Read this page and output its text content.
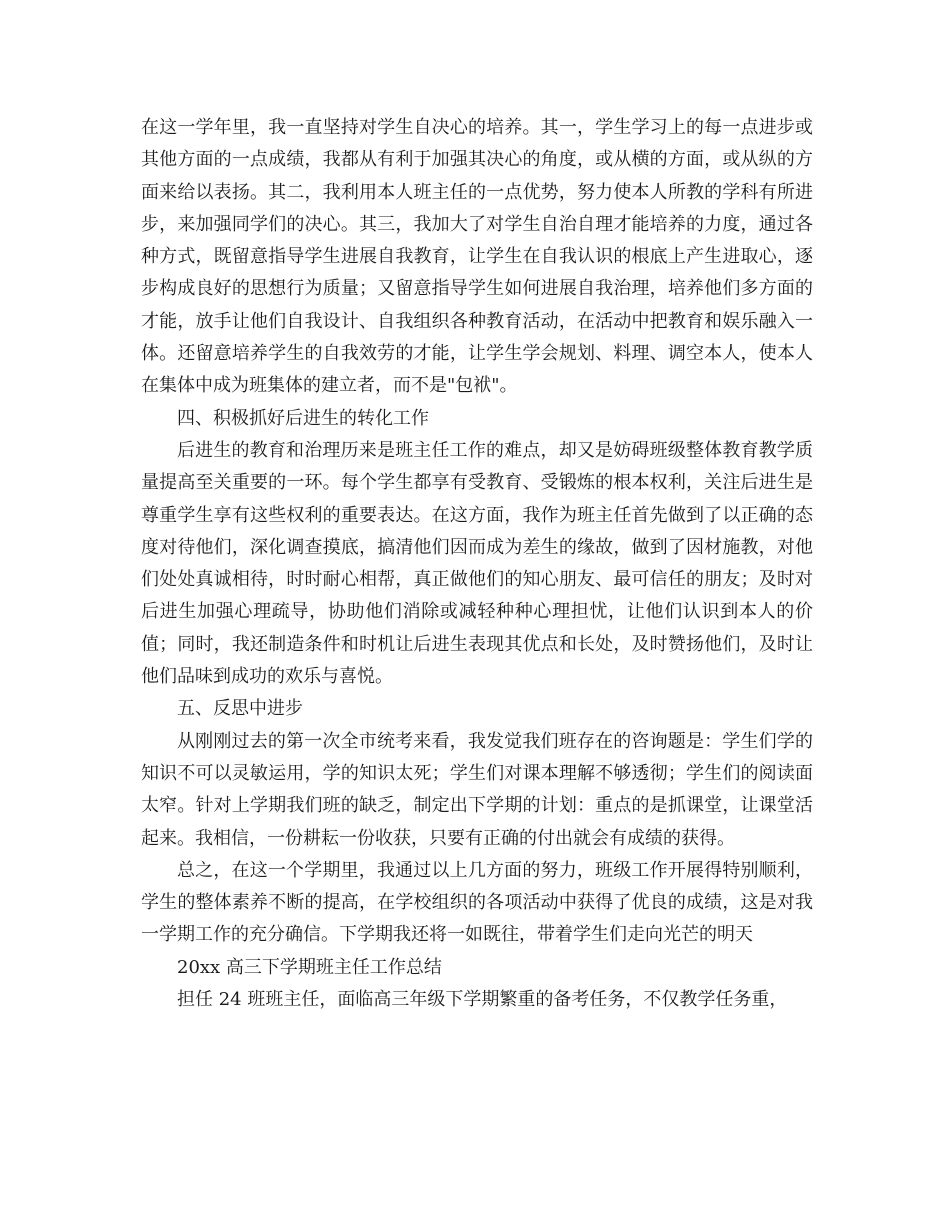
在这一学年里，我一直坚持对学生自决心的培养。其一，学生学习上的每一点进步或其他方面的一点成绩，我都从有利于加强其决心的角度，或从横的方面，或从纵的方面来给以表扬。其二，我利用本人班主任的一点优势，努力使本人所教的学科有所进步，来加强同学们的决心。其三，我加大了对学生自治自理才能培养的力度，通过各种方式，既留意指导学生进展自我教育，让学生在自我认识的根底上产生进取心，逐步构成良好的思想行为质量；又留意指导学生如何进展自我治理，培养他们多方面的才能，放手让他们自我设计、自我组织各种教育活动，在活动中把教育和娱乐融入一体。还留意培养学生的自我效劳的才能，让学生学会规划、料理、调空本人，使本人在集体中成为班集体的建立者，而不是"包袱"。

四、积极抓好后进生的转化工作

后进生的教育和治理历来是班主任工作的难点，却又是妨碍班级整体教育教学质量提高至关重要的一环。每个学生都享有受教育、受锻炼的根本权利，关注后进生是尊重学生享有这些权利的重要表达。在这方面，我作为班主任首先做到了以正确的态度对待他们，深化调查摸底，搞清他们因而成为差生的缘故，做到了因材施教，对他们处处真诚相待，时时耐心相帮，真正做他们的知心朋友、最可信任的朋友；及时对后进生加强心理疏导，协助他们消除或减轻种种心理担忧，让他们认识到本人的价值；同时，我还制造条件和时机让后进生表现其优点和长处，及时赞扬他们，及时让他们品味到成功的欢乐与喜悦。

五、反思中进步

从刚刚过去的第一次全市统考来看，我发觉我们班存在的咨询题是：学生们学的知识不可以灵敏运用，学的知识太死；学生们对课本理解不够透彻；学生们的阅读面太窄。针对上学期我们班的缺乏，制定出下学期的计划：重点的是抓课堂，让课堂活起来。我相信，一份耕耘一份收获，只要有正确的付出就会有成绩的获得。

总之，在这一个学期里，我通过以上几方面的努力，班级工作开展得特别顺利，学生的整体素养不断的提高，在学校组织的各项活动中获得了优良的成绩，这是对我一学期工作的充分确信。下学期我还将一如既往，带着学生们走向光芒的明天

20xx 高三下学期班主任工作总结

担任 24 班班主任，面临高三年级下学期繁重的备考任务，不仅教学任务重，
